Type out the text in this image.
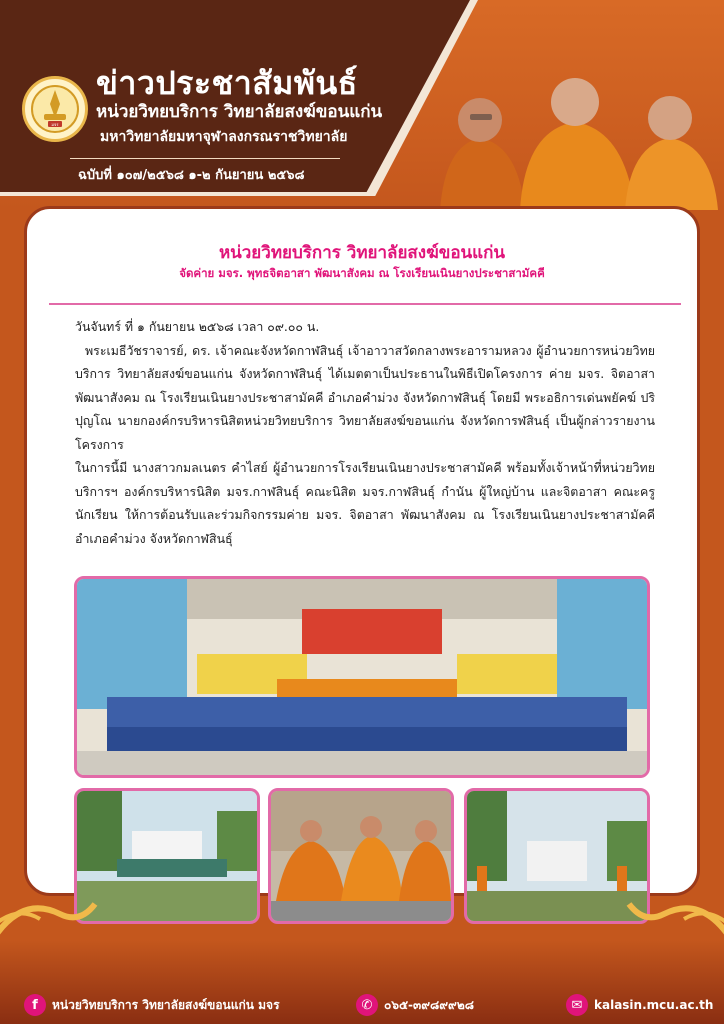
มจร
ข่าวประชาสัมพันธ์
หน่วยวิทยบริการ วิทยาลัยสงฆ์ขอนแก่น
มหาวิทยาลัยมหาจุฬาลงกรณราชวิทยาลัย
ฉบับที่ ๑๐๗/๒๕๖๘ ๑-๒ กันยายน ๒๕๖๘
หน่วยวิทยบริการ วิทยาลัยสงฆ์ขอนแก่น
จัดค่าย มจร. พุทธจิตอาสา พัฒนาสังคม ณ โรงเรียนเนินยางประชาสามัคคี

วันจันทร์ ที่ ๑ กันยายน ๒๕๖๘ เวลา ๐๙.๐๐ น.

พระเมธีวัชราจารย์, ดร. เจ้าคณะจังหวัดกาฬสินธุ์ เจ้าอาวาสวัดกลางพระอารามหลวง ผู้อำนวยการหน่วยวิทยบริการ วิทยาลัยสงฆ์ขอนแก่น จังหวัดกาฬสินธุ์ ได้เมตตาเป็นประธานในพิธีเปิดโครงการ ค่าย มจร. จิตอาสา พัฒนาสังคม ณ โรงเรียนเนินยางประชาสามัคคี อำเภอคำม่วง จังหวัดกาฬสินธุ์ โดยมี พระอธิการเด่นพยัคฆ์ ปริปุญโณ นายกองค์กรบริหารนิสิตหน่วยวิทยบริการ วิทยาลัยสงฆ์ขอนแก่น จังหวัดการฬสินธุ์ เป็นผู้กล่าวรายงานโครงการ

ในการนี้มี นางสาวกมลเนตร คำไสย์ ผู้อำนวยการโรงเรียนเนินยางประชาสามัคคี พร้อมทั้งเจ้าหน้าที่หน่วยวิทยบริการฯ องค์กรบริหารนิสิต มจร.กาฬสินธุ์ คณะนิสิต มจร.กาฬสินธุ์ กำนัน ผู้ใหญ่บ้าน และจิตอาสา คณะครูนักเรียน ให้การต้อนรับและร่วมกิจกรรมค่าย มจร. จิตอาสา พัฒนาสังคม ณ โรงเรียนเนินยางประชาสามัคคี อำเภอคำม่วง จังหวัดกาฬสินธุ์

f	หน่วยวิทยบริการ วิทยาลัยสงฆ์ขอนแก่น มจร	✆ ๐๖๕-๓๙๘๙๙๒๘	✉ kalasin.mcu.ac.th
